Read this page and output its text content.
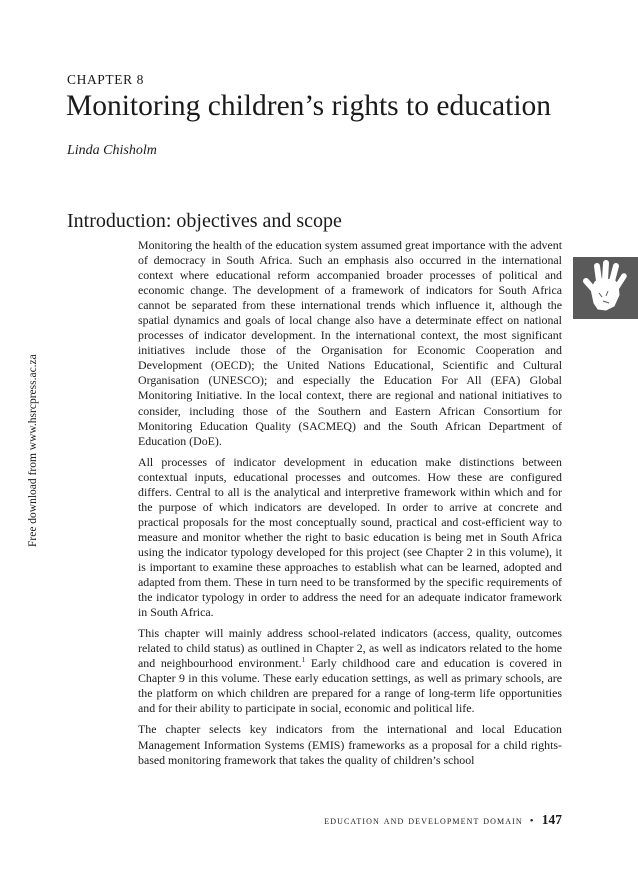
CHAPTER 8
Monitoring children’s rights to education
Linda Chisholm
Introduction: objectives and scope

Monitoring the health of the education system assumed great importance with the advent of democracy in South Africa. Such an emphasis also occurred in the international context where educational reform accompanied broader processes of political and economic change. The development of a framework of indicators for South Africa cannot be separated from these international trends which influence it, although the spatial dynamics and goals of local change also have a determinate effect on national processes of indicator development. In the international context, the most significant initiatives include those of the Organisation for Economic Cooperation and Development (OECD); the United Nations Educational, Scientific and Cultural Organisation (UNESCO); and especially the Education For All (EFA) Global Monitoring Initiative. In the local context, there are regional and national initiatives to consider, including those of the Southern and Eastern African Consortium for Monitoring Education Quality (SACMEQ) and the South African Department of Education (DoE).

All processes of indicator development in education make distinctions between contextual inputs, educational processes and outcomes. How these are configured differs. Central to all is the analytical and interpretive framework within which and for the purpose of which indicators are developed. In order to arrive at concrete and practical proposals for the most conceptually sound, practical and cost-efficient way to measure and monitor whether the right to basic education is being met in South Africa using the indicator typology developed for this project (see Chapter 2 in this volume), it is important to examine these approaches to establish what can be learned, adopted and adapted from them. These in turn need to be transformed by the specific requirements of the indicator typology in order to address the need for an adequate indicator framework in South Africa.

This chapter will mainly address school-related indicators (access, quality, outcomes related to child status) as outlined in Chapter 2, as well as indicators related to the home and neighbourhood environment.$^1$ Early childhood care and education is covered in Chapter 9 in this volume. These early education settings, as well as primary schools, are the platform on which children are prepared for a range of long-term life opportunities and for their ability to participate in social, economic and political life.

The chapter selects key indicators from the international and local Education Management Information Systems (EMIS) frameworks as a proposal for a child rights-based monitoring framework that takes the quality of children’s school

Free download from www.hsrcpress.ac.za
education and development domain • 147
